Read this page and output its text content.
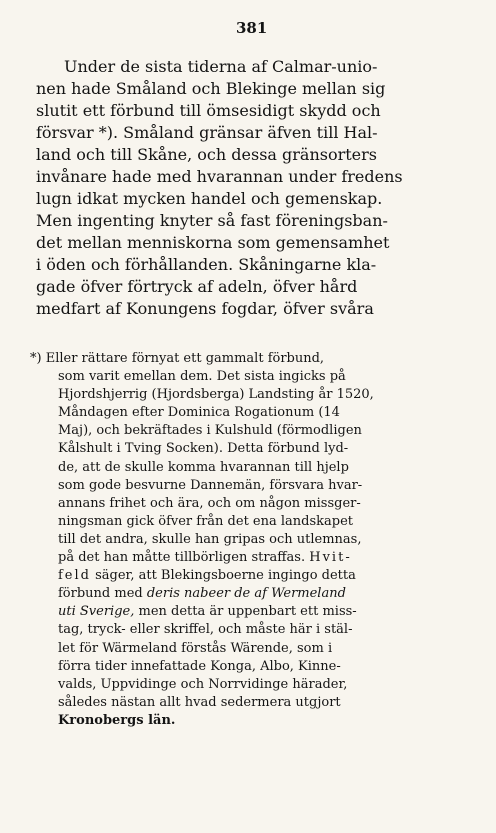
381
Under de sista tiderna af Calmar-unio-
nen hade Småland och Blekinge mellan sig
slutit ett förbund till ömsesidigt skydd och
försvar *). Småland gränsar äfven till Hal-
land och till Skåne, och dessa gränsorters
invånare hade med hvarannan under fredens
lugn idkat mycken handel och gemenskap.
Men ingenting knyter så fast föreningsban-
det mellan menniskorna som gemensamhet
i öden och förhållanden. Skåningarne kla-
gade öfver förtryck af adeln, öfver hård
medfart af Konungens fogdar, öfver svåra
*) Eller rättare förnyat ett gammalt förbund,
som varit emellan dem. Det sista ingicks på
Hjordshjerrig (Hjordsberga) Landsting år 1520,
Måndagen efter Dominica Rogationum (14
Maj), och bekräftades i Kulshuld (förmodligen
Kålshult i Tving Socken). Detta förbund lyd-
de, att de skulle komma hvarannan till hjelp
som gode besvurne Dannemän, försvara hvar-
annans frihet och ära, och om någon missger-
ningsman gick öfver från det ena landskapet
till det andra, skulle han gripas och utlemnas,
på det han måtte tillbörligen straffas. Hvit-
feld säger, att Blekingsboerne ingingo detta
förbund med deris nabeer de af Wermeland
uti Sverige, men detta är uppenbart ett miss-
tag, tryck- eller skriffel, och måste här i stäl-
let för Wärmeland förstås Wärende, som i
förra tider innefattade Konga, Albo, Kinne-
valds, Uppvidinge och Norrvidinge härader,
således nästan allt hvad sedermera utgjort
Kronobergs län.
